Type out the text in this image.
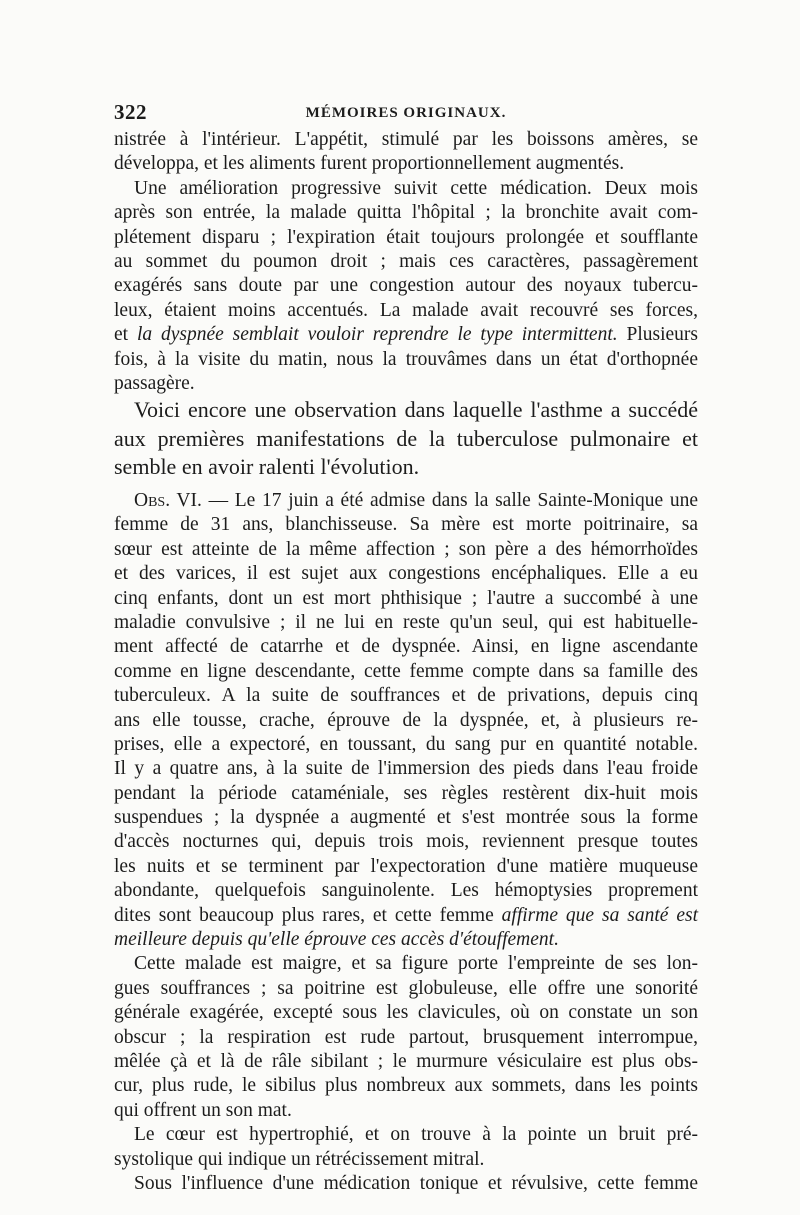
322	MÉMOIRES ORIGINAUX.
nistrée à l'intérieur. L'appétit, stimulé par les boissons amères, se
développa, et les aliments furent proportionnellement augmentés.
Une amélioration progressive suivit cette médication. Deux mois
après son entrée, la malade quitta l'hôpital ; la bronchite avait com-
plétement disparu ; l'expiration était toujours prolongée et soufflante
au sommet du poumon droit ; mais ces caractères, passagèrement
exagérés sans doute par une congestion autour des noyaux tubercu-
leux, étaient moins accentués. La malade avait recouvré ses forces,
et la dyspnée semblait vouloir reprendre le type intermittent. Plusieurs
fois, à la visite du matin, nous la trouvâmes dans un état d'orthopnée
passagère.
Voici encore une observation dans laquelle l'asthme a succédé
aux premières manifestations de la tuberculose pulmonaire et
semble en avoir ralenti l'évolution.
Obs. VI. — Le 17 juin a été admise dans la salle Sainte-Monique une
femme de 31 ans, blanchisseuse. Sa mère est morte poitrinaire, sa
sœur est atteinte de la même affection ; son père a des hémorrhoïdes
et des varices, il est sujet aux congestions encéphaliques. Elle a eu
cinq enfants, dont un est mort phthisique ; l'autre a succombé à une
maladie convulsive ; il ne lui en reste qu'un seul, qui est habituelle-
ment affecté de catarrhe et de dyspnée. Ainsi, en ligne ascendante
comme en ligne descendante, cette femme compte dans sa famille des
tuberculeux. A la suite de souffrances et de privations, depuis cinq
ans elle tousse, crache, éprouve de la dyspnée, et, à plusieurs re-
prises, elle a expectoré, en toussant, du sang pur en quantité notable.
Il y a quatre ans, à la suite de l'immersion des pieds dans l'eau froide
pendant la période cataméniale, ses règles restèrent dix-huit mois
suspendues ; la dyspnée a augmenté et s'est montrée sous la forme
d'accès nocturnes qui, depuis trois mois, reviennent presque toutes
les nuits et se terminent par l'expectoration d'une matière muqueuse
abondante, quelquefois sanguinolente. Les hémoptysies proprement
dites sont beaucoup plus rares, et cette femme affirme que sa santé est
meilleure depuis qu'elle éprouve ces accès d'étouffement.
Cette malade est maigre, et sa figure porte l'empreinte de ses lon-
gues souffrances ; sa poitrine est globuleuse, elle offre une sonorité
générale exagérée, excepté sous les clavicules, où on constate un son
obscur ; la respiration est rude partout, brusquement interrompue,
mêlée çà et là de râle sibilant ; le murmure vésiculaire est plus obs-
cur, plus rude, le sibilus plus nombreux aux sommets, dans les points
qui offrent un son mat.
Le cœur est hypertrophié, et on trouve à la pointe un bruit pré-
systolique qui indique un rétrécissement mitral.
Sous l'influence d'une médication tonique et révulsive, cette femme
